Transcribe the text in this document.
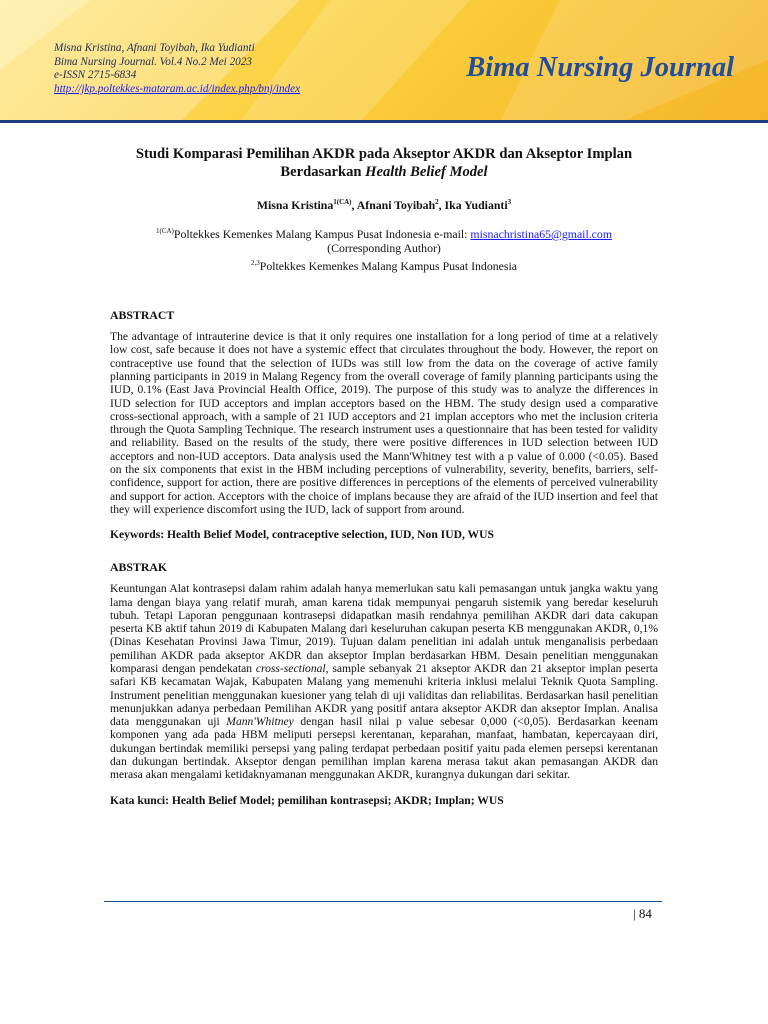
Misna Kristina, Afnani Toyibah, Ika Yudianti
Bima Nursing Journal. Vol.4 No.2 Mei 2023
e-ISSN 2715-6834
http://jkp.poltekkes-mataram.ac.id/index.php/bnj/index
Bima Nursing Journal
Studi Komparasi Pemilihan AKDR pada Akseptor AKDR dan Akseptor Implan
Berdasarkan Health Belief Model
Misna Kristina$^{1(CA)}$, Afnani Toyibah$^2$, Ika Yudianti$^3$
$^{1(CA)}$Poltekkes Kemenkes Malang Kampus Pusat Indonesia e-mail: misnachristina65@gmail.com
(Corresponding Author)
$^{2,3}$Poltekkes Kemenkes Malang Kampus Pusat Indonesia
ABSTRACT
The advantage of intrauterine device is that it only requires one installation for a long period of time at a relatively low cost, safe because it does not have a systemic effect that circulates throughout the body. However, the report on contraceptive use found that the selection of IUDs was still low from the data on the coverage of active family planning participants in 2019 in Malang Regency from the overall coverage of family planning participants using the IUD, 0.1% (East Java Provincial Health Office, 2019). The purpose of this study was to analyze the differences in IUD selection for IUD acceptors and implan acceptors based on the HBM. The study design used a comparative cross-sectional approach, with a sample of 21 IUD acceptors and 21 implan acceptors who met the inclusion criteria through the Quota Sampling Technique. The research instrument uses a questionnaire that has been tested for validity and reliability. Based on the results of the study, there were positive differences in IUD selection between IUD acceptors and non-IUD acceptors. Data analysis used the Mann'Whitney test with a p value of 0.000 (<0.05). Based on the six components that exist in the HBM including perceptions of vulnerability, severity, benefits, barriers, self-confidence, support for action, there are positive differences in perceptions of the elements of perceived vulnerability and support for action. Acceptors with the choice of implans because they are afraid of the IUD insertion and feel that they will experience discomfort using the IUD, lack of support from around.
Keywords: Health Belief Model, contraceptive selection, IUD, Non IUD, WUS
ABSTRAK
Keuntungan Alat kontrasepsi dalam rahim adalah hanya memerlukan satu kali pemasangan untuk jangka waktu yang lama dengan biaya yang relatif murah, aman karena tidak mempunyai pengaruh sistemik yang beredar keseluruh tubuh. Tetapi Laporan penggunaan kontrasepsi didapatkan masih rendahnya pemilihan AKDR dari data cakupan peserta KB aktif tahun 2019 di Kabupaten Malang dari keseluruhan cakupan peserta KB menggunakan AKDR, 0,1% (Dinas Kesehatan Provinsi Jawa Timur, 2019). Tujuan dalam penelitian ini adalah untuk menganalisis perbedaan pemilihan AKDR pada akseptor AKDR dan akseptor Implan berdasarkan HBM. Desain penelitian menggunakan komparasi dengan pendekatan cross-sectional, sample sebanyak 21 akseptor AKDR dan 21 akseptor implan peserta safari KB kecamatan Wajak, Kabupaten Malang yang memenuhi kriteria inklusi melalui Teknik Quota Sampling. Instrument penelitian menggunakan kuesioner yang telah di uji validitas dan reliabilitas. Berdasarkan hasil penelitian menunjukkan adanya perbedaan Pemilihan AKDR yang positif antara akseptor AKDR dan akseptor Implan. Analisa data menggunakan uji Mann'Whitney dengan hasil nilai p value sebesar 0,000 (<0,05). Berdasarkan keenam komponen yang ada pada HBM meliputi persepsi kerentanan, keparahan, manfaat, hambatan, kepercayaan diri, dukungan bertindak memiliki persepsi yang paling terdapat perbedaan positif yaitu pada elemen persepsi kerentanan dan dukungan bertindak. Akseptor dengan pemilihan implan karena merasa takut akan pemasangan AKDR dan merasa akan mengalami ketidaknyamanan menggunakan AKDR, kurangnya dukungan dari sekitar.
Kata kunci: Health Belief Model; pemilihan kontrasepsi; AKDR; Implan; WUS
| 84
